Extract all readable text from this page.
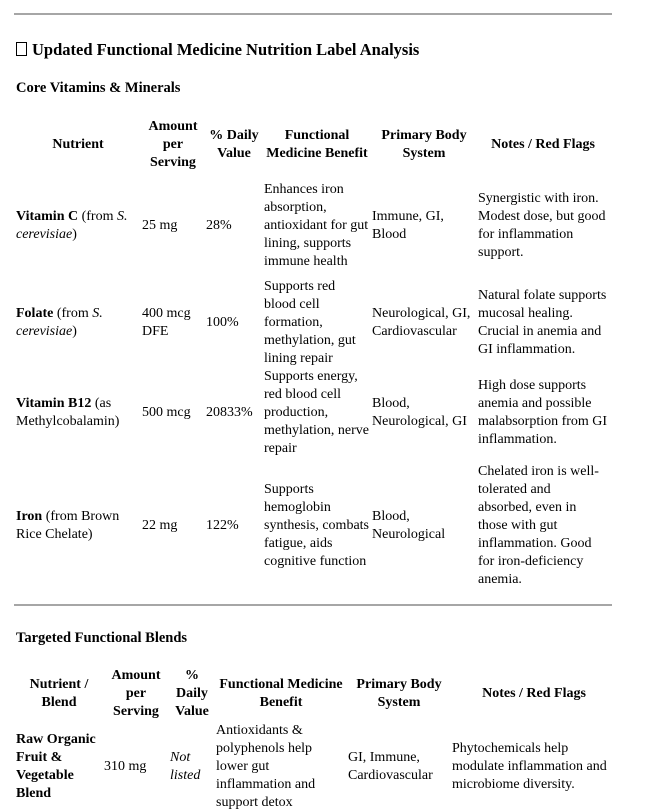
Updated Functional Medicine Nutrition Label Analysis
Core Vitamins & Minerals
Nutrient	Amount per Serving	% Daily Value	Functional Medicine Benefit	Primary Body System	Notes / Red Flags
Vitamin C (from S. cerevisiae)	25 mg	28%	Enhances iron absorption, antioxidant for gut lining, supports immune health	Immune, GI, Blood	Synergistic with iron. Modest dose, but good for inflammation support.
Folate (from S. cerevisiae)	400 mcg DFE	100%	Supports red blood cell formation, methylation, gut lining repair	Neurological, GI, Cardiovascular	Natural folate supports mucosal healing. Crucial in anemia and GI inflammation.
Vitamin B12 (as Methylcobalamin)	500 mcg	20833%	Supports energy, red blood cell production, methylation, nerve repair	Blood, Neurological, GI	High dose supports anemia and possible malabsorption from GI inflammation.
Iron (from Brown Rice Chelate)	22 mg	122%	Supports hemoglobin synthesis, combats fatigue, aids cognitive function	Blood, Neurological	Chelated iron is well-tolerated and absorbed, even in those with gut inflammation. Good for iron-deficiency anemia.
Targeted Functional Blends
Nutrient / Blend	Amount per Serving	% Daily Value	Functional Medicine Benefit	Primary Body System	Notes / Red Flags
Raw Organic Fruit & Vegetable Blend	310 mg	Not listed	Antioxidants & polyphenols help lower gut inflammation and support detox	GI, Immune, Cardiovascular	Phytochemicals help modulate inflammation and microbiome diversity.
